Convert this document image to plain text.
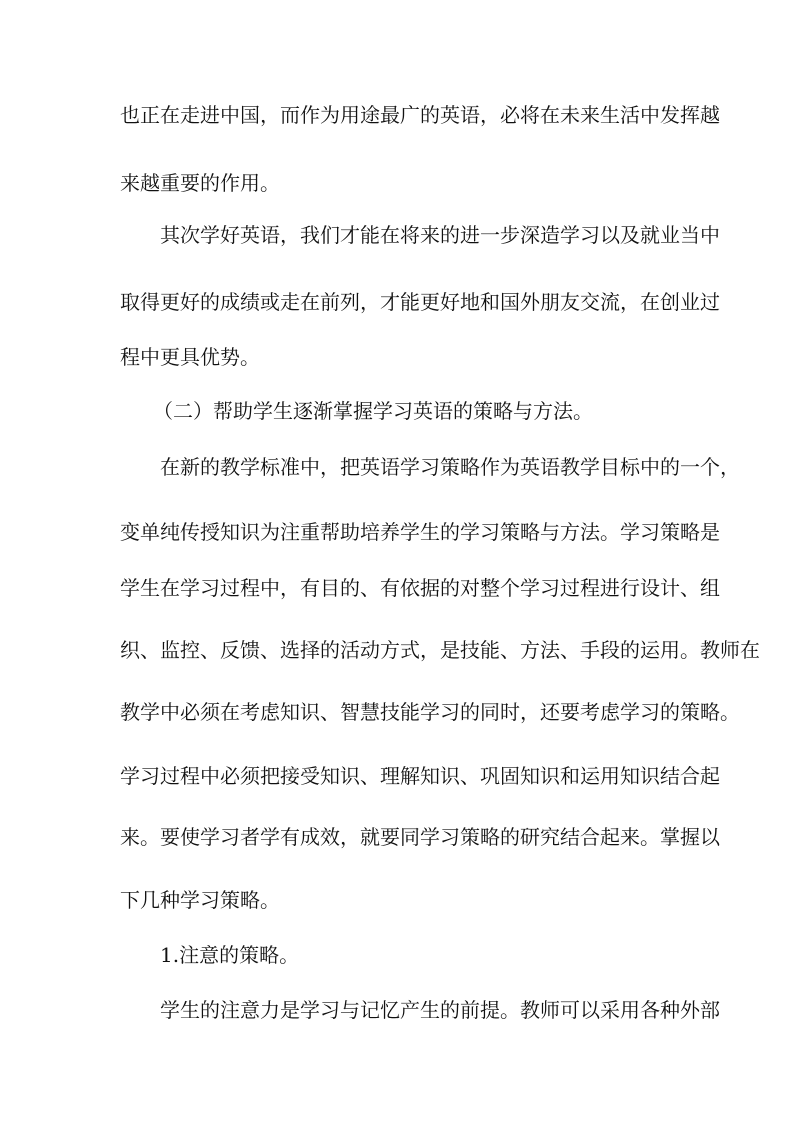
也正在走进中国，而作为用途最广的英语，必将在未来生活中发挥越
来越重要的作用。
其次学好英语，我们才能在将来的进一步深造学习以及就业当中
取得更好的成绩或走在前列，才能更好地和国外朋友交流，在创业过
程中更具优势。
（二）帮助学生逐渐掌握学习英语的策略与方法。
在新的教学标准中，把英语学习策略作为英语教学目标中的一个，
变单纯传授知识为注重帮助培养学生的学习策略与方法。学习策略是
学生在学习过程中，有目的、有依据的对整个学习过程进行设计、组
织、监控、反馈、选择的活动方式，是技能、方法、手段的运用。教师在
教学中必须在考虑知识、智慧技能学习的同时，还要考虑学习的策略。
学习过程中必须把接受知识、理解知识、巩固知识和运用知识结合起
来。要使学习者学有成效，就要同学习策略的研究结合起来。掌握以
下几种学习策略。
1.注意的策略。
学生的注意力是学习与记忆产生的前提。教师可以采用各种外部
